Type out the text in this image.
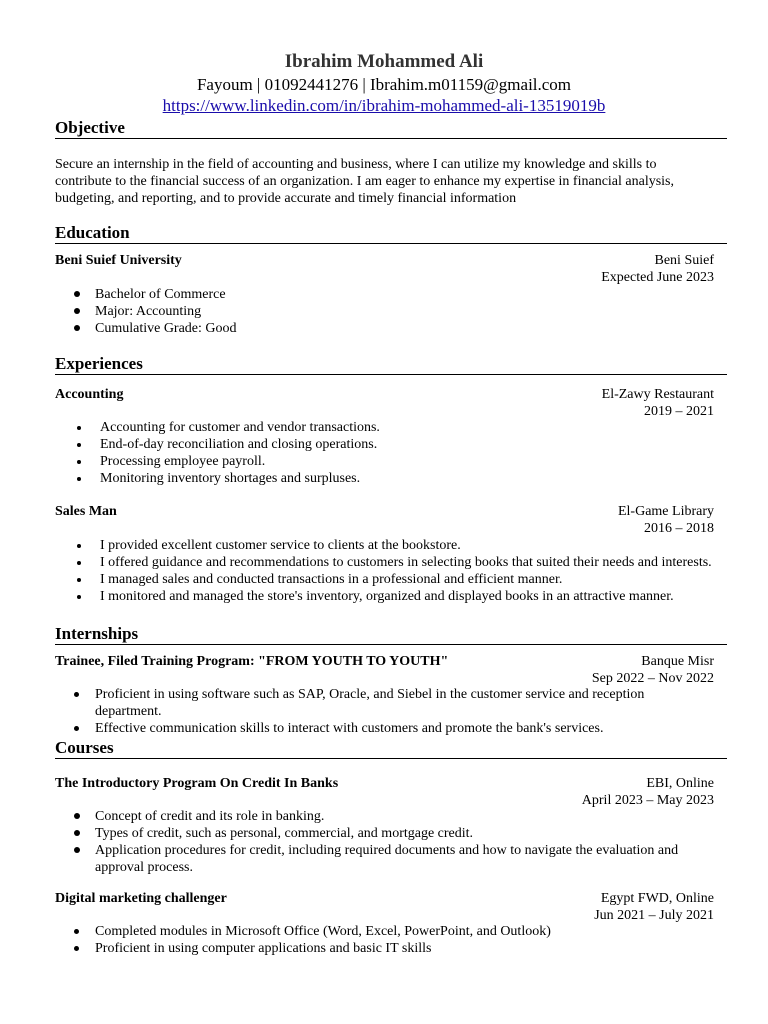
Ibrahim Mohammed Ali
Fayoum | 01092441276 | Ibrahim.m01159@gmail.com
https://www.linkedin.com/in/ibrahim-mohammed-ali-13519019b
Objective
Secure an internship in the field of accounting and business, where I can utilize my knowledge and skills to contribute to the financial success of an organization. I am eager to enhance my expertise in financial analysis, budgeting, and reporting, and to provide accurate and timely financial information
Education
Beni Suief University	Beni Suief
Expected June 2023
Bachelor of Commerce
Major: Accounting
Cumulative Grade: Good
Experiences
Accounting	El-Zawy Restaurant
2019 – 2021
Accounting for customer and vendor transactions.
End-of-day reconciliation and closing operations.
Processing employee payroll.
Monitoring inventory shortages and surpluses.
Sales Man	El-Game Library
2016 – 2018
I provided excellent customer service to clients at the bookstore.
I offered guidance and recommendations to customers in selecting books that suited their needs and interests.
I managed sales and conducted transactions in a professional and efficient manner.
I monitored and managed the store's inventory, organized and displayed books in an attractive manner.
Internships
Trainee, Filed Training Program: "FROM YOUTH TO YOUTH"	Banque Misr
Sep 2022 – Nov 2022
Proficient in using software such as SAP, Oracle, and Siebel in the customer service and reception department.
Effective communication skills to interact with customers and promote the bank's services.
Courses
The Introductory Program On Credit In Banks	EBI, Online
April 2023 – May 2023
Concept of credit and its role in banking.
Types of credit, such as personal, commercial, and mortgage credit.
Application procedures for credit, including required documents and how to navigate the evaluation and approval process.
Digital marketing challenger	Egypt FWD, Online
Jun 2021 – July 2021
Completed modules in Microsoft Office (Word, Excel, PowerPoint, and Outlook)
Proficient in using computer applications and basic IT skills
